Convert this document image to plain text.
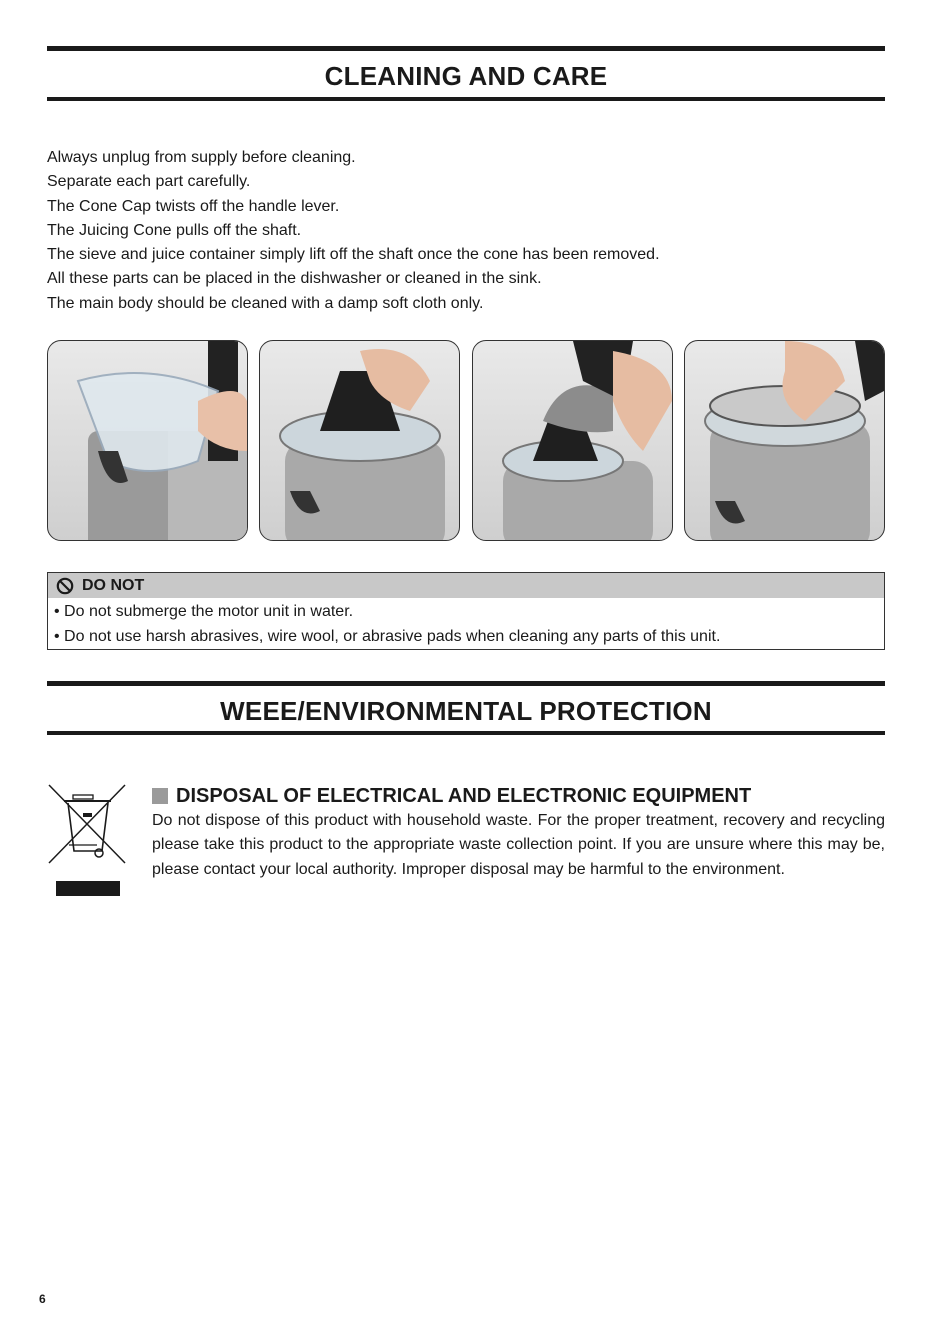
CLEANING AND CARE
Always unplug from supply before cleaning.
Separate each part carefully.
The Cone Cap twists off the handle lever.
The Juicing Cone pulls off the shaft.
The sieve and juice container simply lift off the shaft once the cone has been removed.
All these parts can be placed in the dishwasher or cleaned in the sink.
The main body should be cleaned with a damp soft cloth only.
DO NOT
• Do not submerge the motor unit in water.
• Do not use harsh abrasives, wire wool, or abrasive pads when cleaning any parts of this unit.
WEEE/ENVIRONMENTAL PROTECTION
DISPOSAL OF ELECTRICAL AND ELECTRONIC EQUIPMENT
Do not dispose of this product with household waste. For the proper treatment, recovery and recycling please take this product to the appropriate waste collection point. If you are unsure where this may be, please contact your local authority. Improper disposal may be harmful to the environment.
6
